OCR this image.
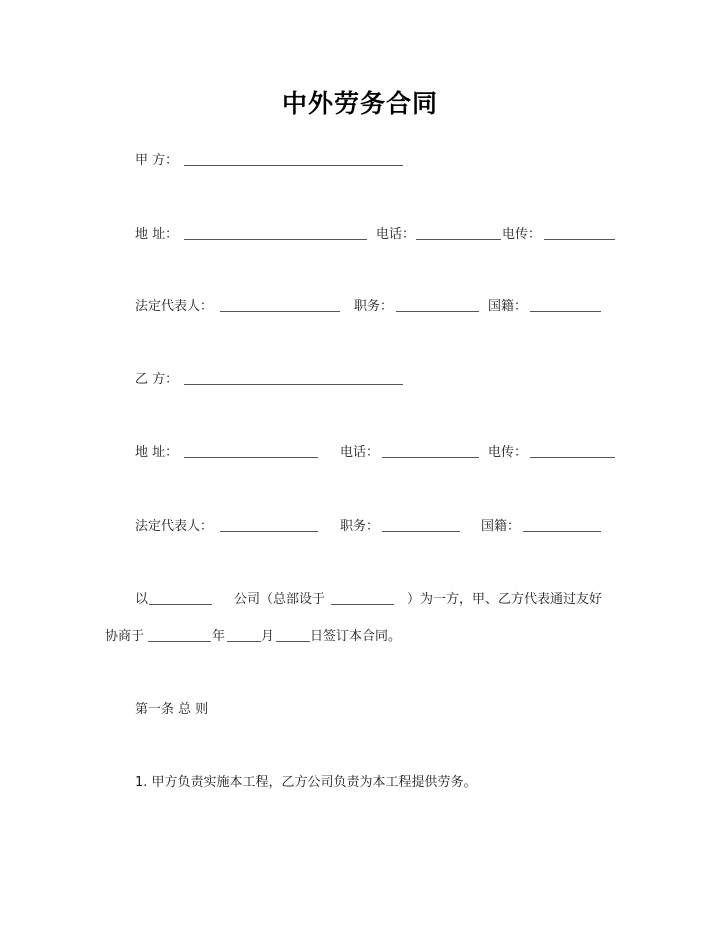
中外劳务合同
甲 方：
地 址：	电话：	电传：
法定代表人：	职务：	国籍：
乙 方：
地 址：	电话：	电传：
法定代表人：	职务：	国籍：
以	公司（总部设于	）为一方，甲、乙方代表通过友好
协商于	年	月	日签订本合同。
第一条 总 则
1. 甲方负责实施本工程，乙方公司负责为本工程提供劳务。
